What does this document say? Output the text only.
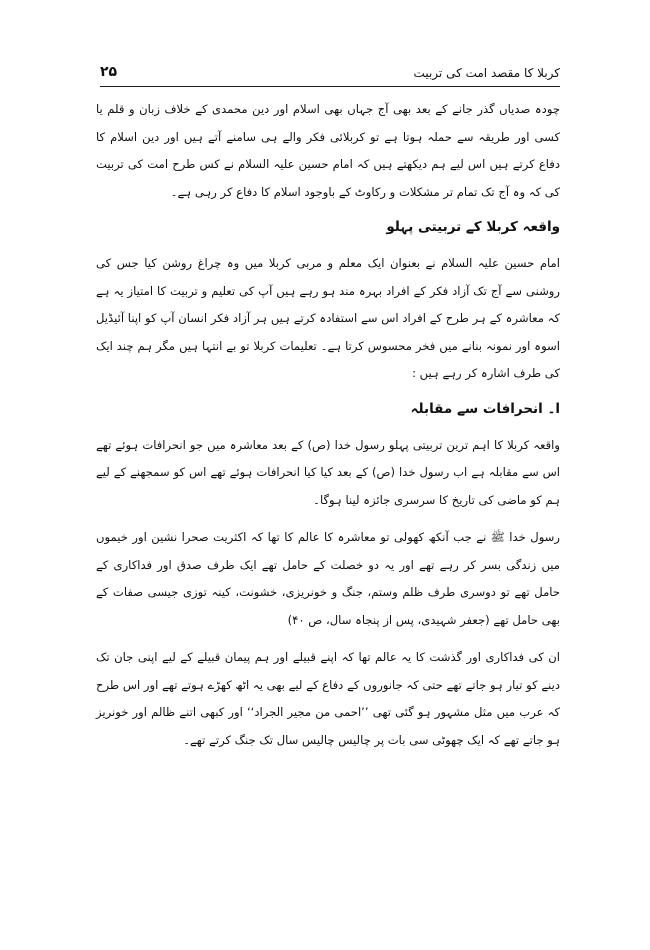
۲۵	کربلا کا مقصد امت کی تربیت

چودہ صدیاں گذر جانے کے بعد بھی آج جہاں بھی اسلام اور دین محمدی کے خلاف زبان و قلم یا کسی اور طریقہ سے حملہ ہوتا ہے تو کربلائی فکر والے ہی سامنے آتے ہیں اور دین اسلام کا دفاع کرتے ہیں اس لیے ہم دیکھتے ہیں کہ امام حسین علیہ السلام نے کس طرح امت کی تربیت کی کہ وہ آج تک تمام تر مشکلات و رکاوٹ کے باوجود اسلام کا دفاع کر رہی ہے۔

واقعہ کربلا کے تربیتی پہلو

امام حسین علیہ السلام نے بعنوان ایک معلم و مربی کربلا میں وہ چراغ روشن کیا جس کی روشنی سے آج تک آزاد فکر کے افراد بہرہ مند ہو رہے ہیں آپ کی تعلیم و تربیت کا امتیاز یہ ہے کہ معاشرہ کے ہر طرح کے افراد اس سے استفادہ کرتے ہیں ہر آزاد فکر انسان آپ کو اپنا آئیڈیل اسوہ اور نمونہ بنانے میں فخر محسوس کرتا ہے۔ تعلیمات کربلا تو بے انتہا ہیں مگر ہم چند ایک کی طرف اشارہ کر رہے ہیں :

ا۔ انحرافات سے مقابلہ

واقعہ کربلا کا اہم ترین تربیتی پہلو رسول خدا (ص) کے بعد معاشرہ میں جو انحرافات ہوئے تھے اس سے مقابلہ ہے اب رسول خدا (ص) کے بعد کیا کیا انحرافات ہوئے تھے اس کو سمجھنے کے لیے ہم کو ماضی کی تاریخ کا سرسری جائزہ لینا ہوگا۔

رسول خدا ﷺ نے جب آنکھ کھولی تو معاشرہ کا عالم کا تھا کہ اکثریت صحرا نشین اور خیموں میں زندگی بسر کر رہے تھے اور یہ دو خصلت کے حامل تھے ایک طرف صدق اور فداکاری کے حامل تھے تو دوسری طرف ظلم وستم، جنگ و خونریزی، خشونت، کینہ توزی جیسی صفات کے بھی حامل تھے (جعفر شہیدی، پس از پنجاہ سال، ص ۴۰)

ان کی فداکاری اور گذشت کا یہ عالم تھا کہ اپنے قبیلے اور ہم پیمان قبیلے کے لیے اپنی جان تک دینے کو تیار ہو جاتے تھے حتی کہ جانوروں کے دفاع کے لیے بھی یہ اٹھ کھڑے ہوتے تھے اور اس طرح کہ عرب میں مثل مشہور ہو گئی تھی ’’احمی من مجیر الجراد‘‘ اور کبھی اتنے ظالم اور خونریز ہو جاتے تھے کہ ایک چھوٹی سی بات پر چالیس چالیس سال تک جنگ کرتے تھے۔
